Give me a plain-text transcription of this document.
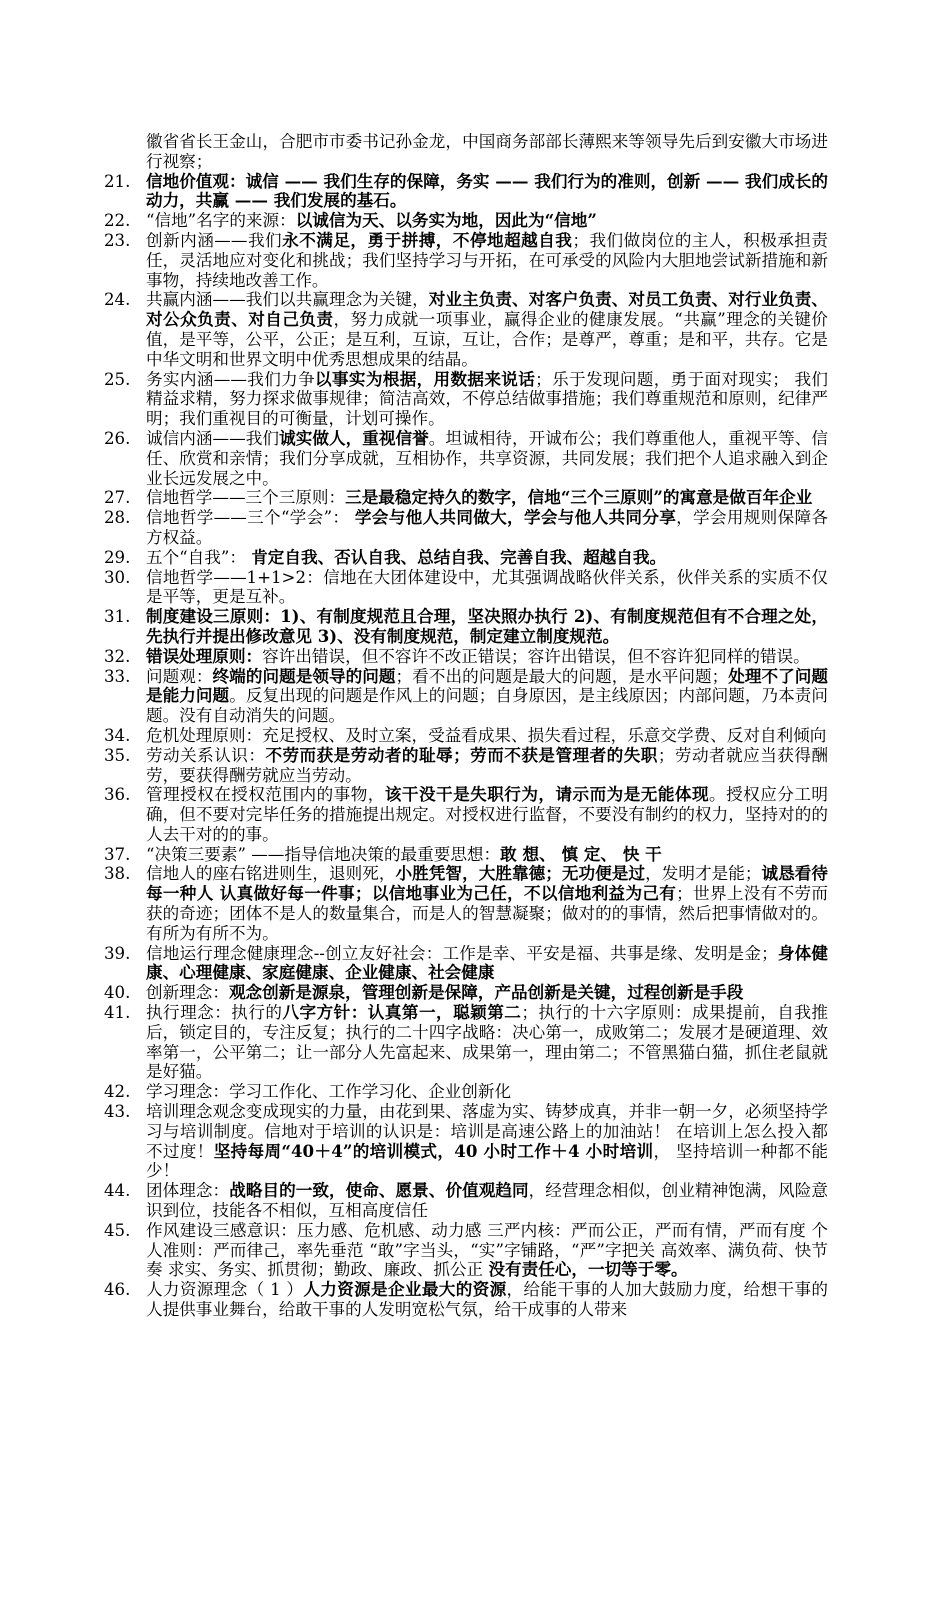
徽省省长王金山，合肥市市委书记孙金龙，中国商务部部长薄熙来等领导先后到安徽大市场进行视察；
21. 信地价值观：诚信 —— 我们生存的保障，务实 —— 我们行为的准则，创新 —— 我们成长的动力，共赢 —— 我们发展的基石。
22. “信地”名字的来源：以诚信为天、以务实为地，因此为“信地”
23. 创新内涵——我们永不满足，勇于拼搏，不停地超越自我；我们做岗位的主人，积极承担责任，灵活地应对变化和挑战；我们坚持学习与开拓，在可承受的风险内大胆地尝试新措施和新事物，持续地改善工作。
24. 共赢内涵——我们以共赢理念为关键，对业主负责、对客户负责、对员工负责、对行业负责、对公众负责、对自己负责，努力成就一项事业，赢得企业的健康发展。“共赢”理念的关键价值，是平等，公平，公正；是互利，互谅，互让，合作；是尊严，尊重；是和平，共存。它是中华文明和世界文明中优秀思想成果的结晶。
25. 务实内涵——我们力争以事实为根据，用数据来说话；乐于发现问题，勇于面对现实； 我们精益求精，努力探求做事规律；简洁高效，不停总结做事措施；我们尊重规范和原则，纪律严明；我们重视目的可衡量，计划可操作。
26. 诚信内涵——我们诚实做人，重视信誉。坦诚相待，开诚布公；我们尊重他人，重视平等、信任、欣赏和亲情；我们分享成就，互相协作，共享资源，共同发展；我们把个人追求融入到企业长远发展之中。
27. 信地哲学——三个三原则：三是最稳定持久的数字，信地“三个三原则”的寓意是做百年企业
28. 信地哲学——三个“学会”： 学会与他人共同做大，学会与他人共同分享，学会用规则保障各方权益。
29. 五个“自我”： 肯定自我、否认自我、总结自我、完善自我、超越自我。
30. 信地哲学——1+1>2：信地在大团体建设中，尤其强调战略伙伴关系，伙伴关系的实质不仅是平等，更是互补。
31. 制度建设三原则：1)、有制度规范且合理，坚决照办执行 2)、有制度规范但有不合理之处，先执行并提出修改意见 3)、没有制度规范，制定建立制度规范。
32. 错误处理原则：容许出错误，但不容许不改正错误；容许出错误，但不容许犯同样的错误。
33. 问题观：终端的问题是领导的问题；看不出的问题是最大的问题，是水平问题；处理不了问题是能力问题。反复出现的问题是作风上的问题；自身原因，是主线原因；内部问题，乃本责问题。没有自动消失的问题。
34. 危机处理原则：充足授权、及时立案，受益看成果、损失看过程，乐意交学费、反对自利倾向
35. 劳动关系认识：不劳而获是劳动者的耻辱；劳而不获是管理者的失职；劳动者就应当获得酬劳，要获得酬劳就应当劳动。
36. 管理授权在授权范围内的事物，该干没干是失职行为，请示而为是无能体现。授权应分工明确，但不要对完毕任务的措施提出规定。对授权进行监督，不要没有制约的权力，坚持对的的人去干对的的事。
37. “决策三要素” ——指导信地决策的最重要思想：敢 想、 慎 定、 快 干
38. 信地人的座右铭进则生，退则死，小胜凭智，大胜靠德；无功便是过，发明才是能；诚恳看待每一种人 认真做好每一件事；以信地事业为己任，不以信地利益为己有；世界上没有不劳而获的奇迹；团体不是人的数量集合，而是人的智慧凝聚；做对的的事情，然后把事情做对的。有所为有所不为。
39. 信地运行理念健康理念--创立友好社会：工作是幸、平安是福、共事是缘、发明是金；身体健康、心理健康、家庭健康、企业健康、社会健康
40. 创新理念：观念创新是源泉，管理创新是保障，产品创新是关键，过程创新是手段
41. 执行理念：执行的八字方针：认真第一，聪颖第二；执行的十六字原则：成果提前，自我推后，锁定目的，专注反复；执行的二十四字战略：决心第一，成败第二；发展才是硬道理、效率第一，公平第二；让一部分人先富起来、成果第一，理由第二；不管黑猫白猫，抓住老鼠就是好猫。
42. 学习理念：学习工作化、工作学习化、企业创新化
43. 培训理念观念变成现实的力量，由花到果、落虚为实、铸梦成真，并非一朝一夕，必须坚持学习与培训制度。信地对于培训的认识是：培训是高速公路上的加油站！ 在培训上怎么投入都不过度！坚持每周“40＋4”的培训模式，40 小时工作＋4 小时培训， 坚持培训一种都不能少！
44. 团体理念：战略目的一致，使命、愿景、价值观趋同，经营理念相似，创业精神饱满，风险意识到位，技能各不相似，互相高度信任
45. 作风建设三感意识：压力感、危机感、动力感 三严内核：严而公正，严而有情，严而有度 个人准则：严而律己，率先垂范 “敢”字当头，“实”字铺路，“严”字把关 高效率、满负荷、快节奏 求实、务实、抓贯彻；勤政、廉政、抓公正 没有责任心，一切等于零。
46. 人力资源理念（ 1 ）人力资源是企业最大的资源，给能干事的人加大鼓励力度，给想干事的人提供事业舞台，给敢干事的人发明宽松气氛，给干成事的人带来
